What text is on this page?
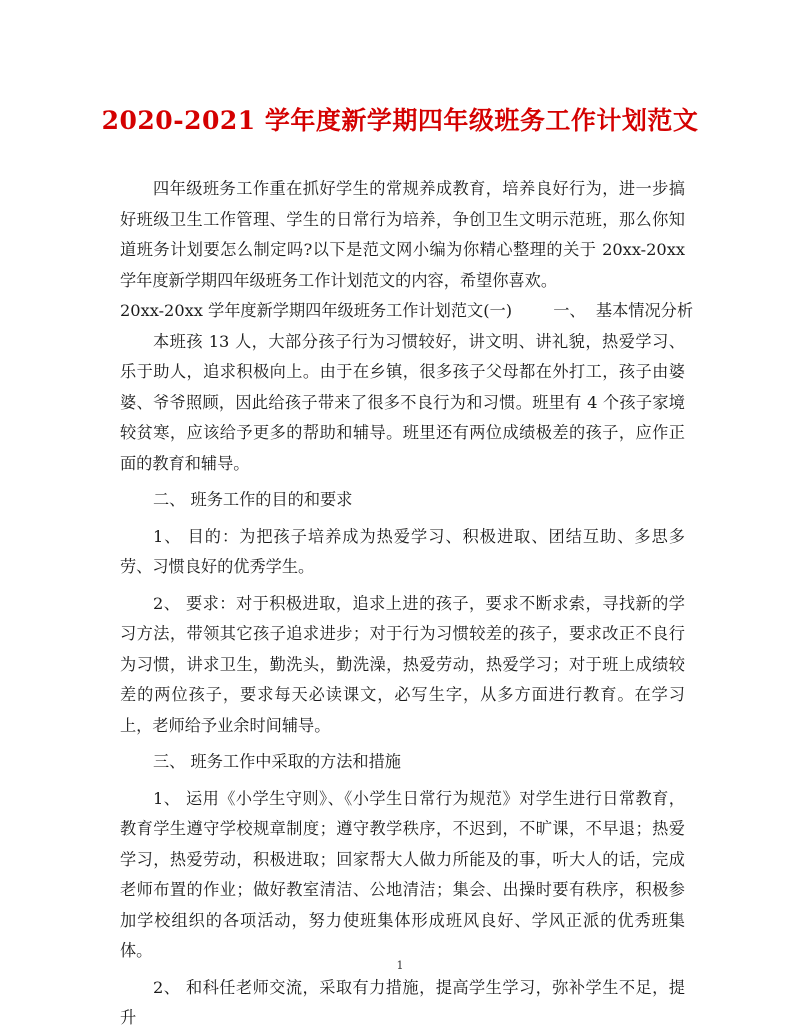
2020-2021 学年度新学期四年级班务工作计划范文

四年级班务工作重在抓好学生的常规养成教育，培养良好行为，进一步搞好班级卫生工作管理、学生的日常行为培养，争创卫生文明示范班，那么你知道班务计划要怎么制定吗?以下是范文网小编为你精心整理的关于 20xx-20xx 学年度新学期四年级班务工作计划范文的内容，希望你喜欢。

20xx-20xx 学年度新学期四年级班务工作计划范文(一)	一、  基本情况分析

本班孩 13 人，大部分孩子行为习惯较好，讲文明、讲礼貌，热爱学习、乐于助人，追求积极向上。由于在乡镇，很多孩子父母都在外打工，孩子由婆婆、爷爷照顾，因此给孩子带来了很多不良行为和习惯。班里有 4 个孩子家境较贫寒，应该给予更多的帮助和辅导。班里还有两位成绩极差的孩子，应作正面的教育和辅导。

二、 班务工作的目的和要求

1、 目的：为把孩子培养成为热爱学习、积极进取、团结互助、多思多劳、习惯良好的优秀学生。

2、 要求：对于积极进取，追求上进的孩子，要求不断求索，寻找新的学习方法，带领其它孩子追求进步；对于行为习惯较差的孩子，要求改正不良行为习惯，讲求卫生，勤洗头，勤洗澡，热爱劳动，热爱学习；对于班上成绩较差的两位孩子，要求每天必读课文，必写生字，从多方面进行教育。在学习上，老师给予业余时间辅导。

三、 班务工作中采取的方法和措施

1、 运用《小学生守则》、《小学生日常行为规范》对学生进行日常教育，教育学生遵守学校规章制度；遵守教学秩序，不迟到，不旷课，不早退；热爱学习，热爱劳动，积极进取；回家帮大人做力所能及的事，听大人的话，完成老师布置的作业；做好教室清洁、公地清洁；集会、出操时要有秩序，积极参加学校组织的各项活动，努力使班集体形成班风良好、学风正派的优秀班集体。

2、 和科任老师交流，采取有力措施，提高学生学习，弥补学生不足，提升

1
